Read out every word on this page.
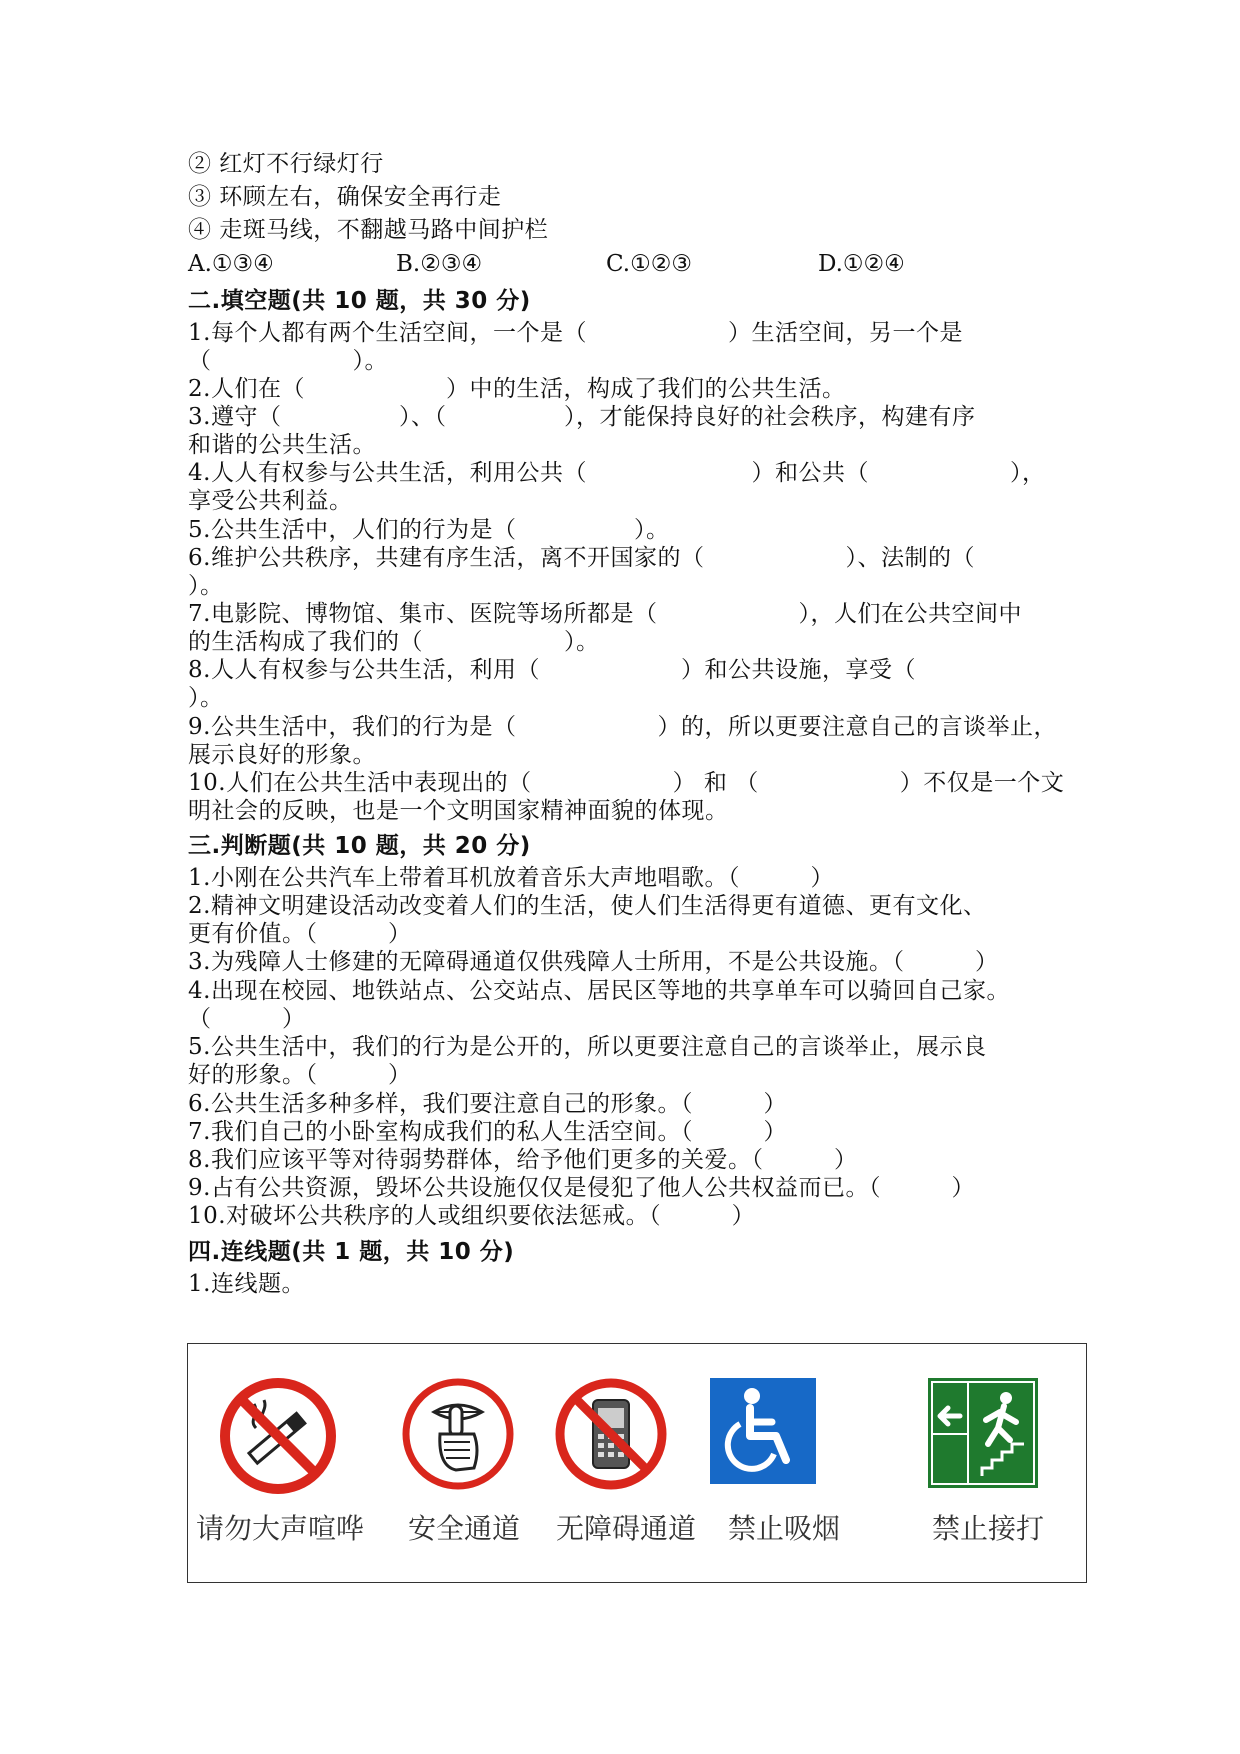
② 红灯不行绿灯行
③ 环顾左右，确保安全再行走
④ 走斑马线，不翻越马路中间护栏
A.①③④	B.②③④	C.①②③	D.①②④
二.填空题(共 10 题，共 30 分)
1.每个人都有两个生活空间，一个是（　　　　　　）生活空间，另一个是
（　　　　　　）。
2.人们在（　　　　　　）中的生活，构成了我们的公共生活。
3.遵守（　　　　　）、（　　　　　），才能保持良好的社会秩序，构建有序
和谐的公共生活。
4.人人有权参与公共生活，利用公共（　　　　　　　）和公共（　　　　　　），
享受公共利益。
5.公共生活中，人们的行为是（　　　　　）。
6.维护公共秩序，共建有序生活，离不开国家的（　　　　　　）、法制的（
）。
7.电影院、博物馆、集市、医院等场所都是（　　　　　　），人们在公共空间中
的生活构成了我们的（　　　　　　）。
8.人人有权参与公共生活，利用（　　　　　　）和公共设施，享受（
）。
9.公共生活中，我们的行为是（　　　　　　）的，所以更要注意自己的言谈举止，
展示良好的形象。
10.人们在公共生活中表现出的（　　　　　　） 和 （　　　　　　）不仅是一个文
明社会的反映，也是一个文明国家精神面貌的体现。
三.判断题(共 10 题，共 20 分)
1.小刚在公共汽车上带着耳机放着音乐大声地唱歌。（　　　）
2.精神文明建设活动改变着人们的生活，使人们生活得更有道德、更有文化、
更有价值。（　　　）
3.为残障人士修建的无障碍通道仅供残障人士所用，不是公共设施。（　　　）
4.出现在校园、地铁站点、公交站点、居民区等地的共享单车可以骑回自己家。
（　　　）
5.公共生活中，我们的行为是公开的，所以更要注意自己的言谈举止，展示良
好的形象。（　　　）
6.公共生活多种多样，我们要注意自己的形象。（　　　）
7.我们自己的小卧室构成我们的私人生活空间。（　　　）
8.我们应该平等对待弱势群体，给予他们更多的关爱。（　　　）
9.占有公共资源，毁坏公共设施仅仅是侵犯了他人公共权益而已。（　　　）
10.对破坏公共秩序的人或组织要依法惩戒。（　　　）
四.连线题(共 1 题，共 10 分)
1.连线题。
请勿大声喧哗 安全通道 无障碍通道 禁止吸烟	禁止接打
